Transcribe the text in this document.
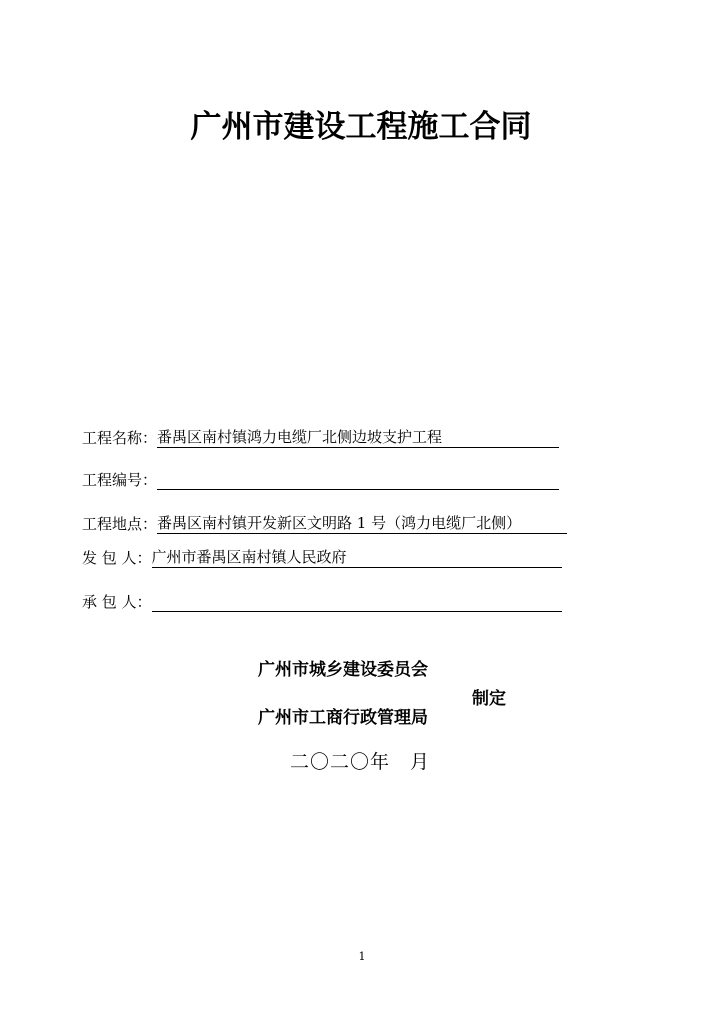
广州市建设工程施工合同
工程名称： 番禺区南村镇鸿力电缆厂北侧边坡支护工程
工程编号：
工程地点： 番禺区南村镇开发新区文明路 1 号（鸿力电缆厂北侧）
发 包 人： 广州市番禺区南村镇人民政府
承 包 人：
广州市城乡建设委员会
广州市工商行政管理局
制定
二〇二〇年　月
1
